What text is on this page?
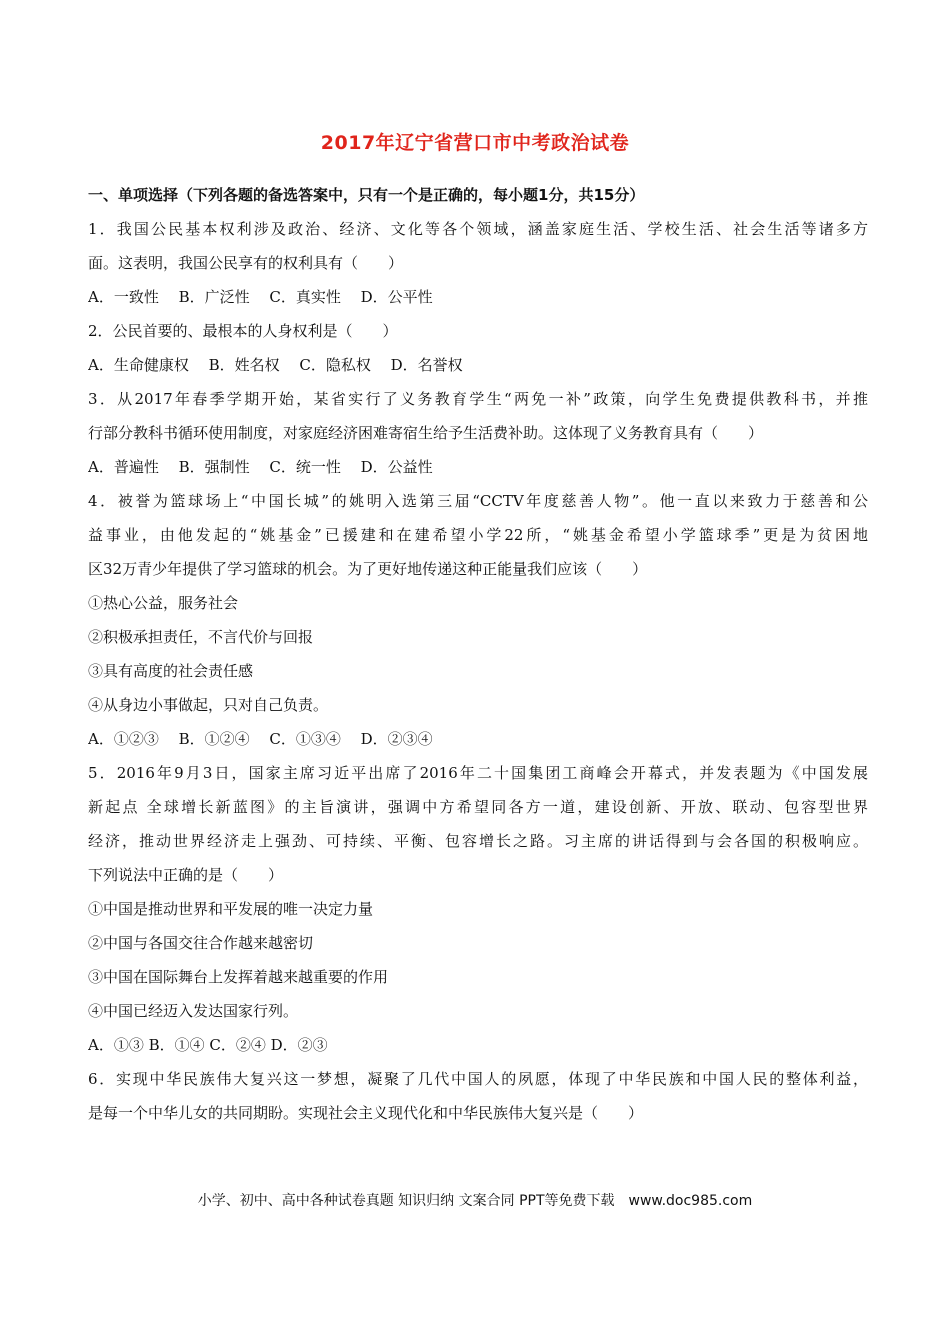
2017年辽宁省营口市中考政治试卷
一、单项选择（下列各题的备选答案中，只有一个是正确的，每小题1分，共15分）
1．我国公民基本权利涉及政治、经济、文化等各个领域，涵盖家庭生活、学校生活、社会生活等诸多方
面。这表明，我国公民享有的权利具有（　　）
A．一致性　 B．广泛性　 C．真实性　 D．公平性
2．公民首要的、最根本的人身权利是（　　）
A．生命健康权　 B．姓名权　 C．隐私权　 D．名誉权
3．从2017年春季学期开始，某省实行了义务教育学生“两免一补”政策，向学生免费提供教科书，并推
行部分教科书循环使用制度，对家庭经济困难寄宿生给予生活费补助。这体现了义务教育具有（　　）
A．普遍性　 B．强制性　 C．统一性　 D．公益性
4．被誉为篮球场上“中国长城”的姚明入选第三届“CCTV年度慈善人物”。他一直以来致力于慈善和公
益事业，由他发起的“姚基金”已援建和在建希望小学22所，“姚基金希望小学篮球季”更是为贫困地
区32万青少年提供了学习篮球的机会。为了更好地传递这种正能量我们应该（　　）
①热心公益，服务社会
②积极承担责任，不言代价与回报
③具有高度的社会责任感
④从身边小事做起，只对自己负责。
A．①②③　 B．①②④　 C．①③④　 D．②③④
5．2016年9月3日，国家主席习近平出席了2016年二十国集团工商峰会开幕式，并发表题为《中国发展
新起点 全球增长新蓝图》的主旨演讲，强调中方希望同各方一道，建设创新、开放、联动、包容型世界
经济，推动世界经济走上强劲、可持续、平衡、包容增长之路。习主席的讲话得到与会各国的积极响应。
下列说法中正确的是（　　）
①中国是推动世界和平发展的唯一决定力量
②中国与各国交往合作越来越密切
③中国在国际舞台上发挥着越来越重要的作用
④中国已经迈入发达国家行列。
A．①③ B．①④ C．②④ D．②③
6．实现中华民族伟大复兴这一梦想，凝聚了几代中国人的夙愿，体现了中华民族和中国人民的整体利益，
是每一个中华儿女的共同期盼。实现社会主义现代化和中华民族伟大复兴是（　　）
小学、初中、高中各种试卷真题 知识归纳 文案合同 PPT等免费下载　www.doc985.com
